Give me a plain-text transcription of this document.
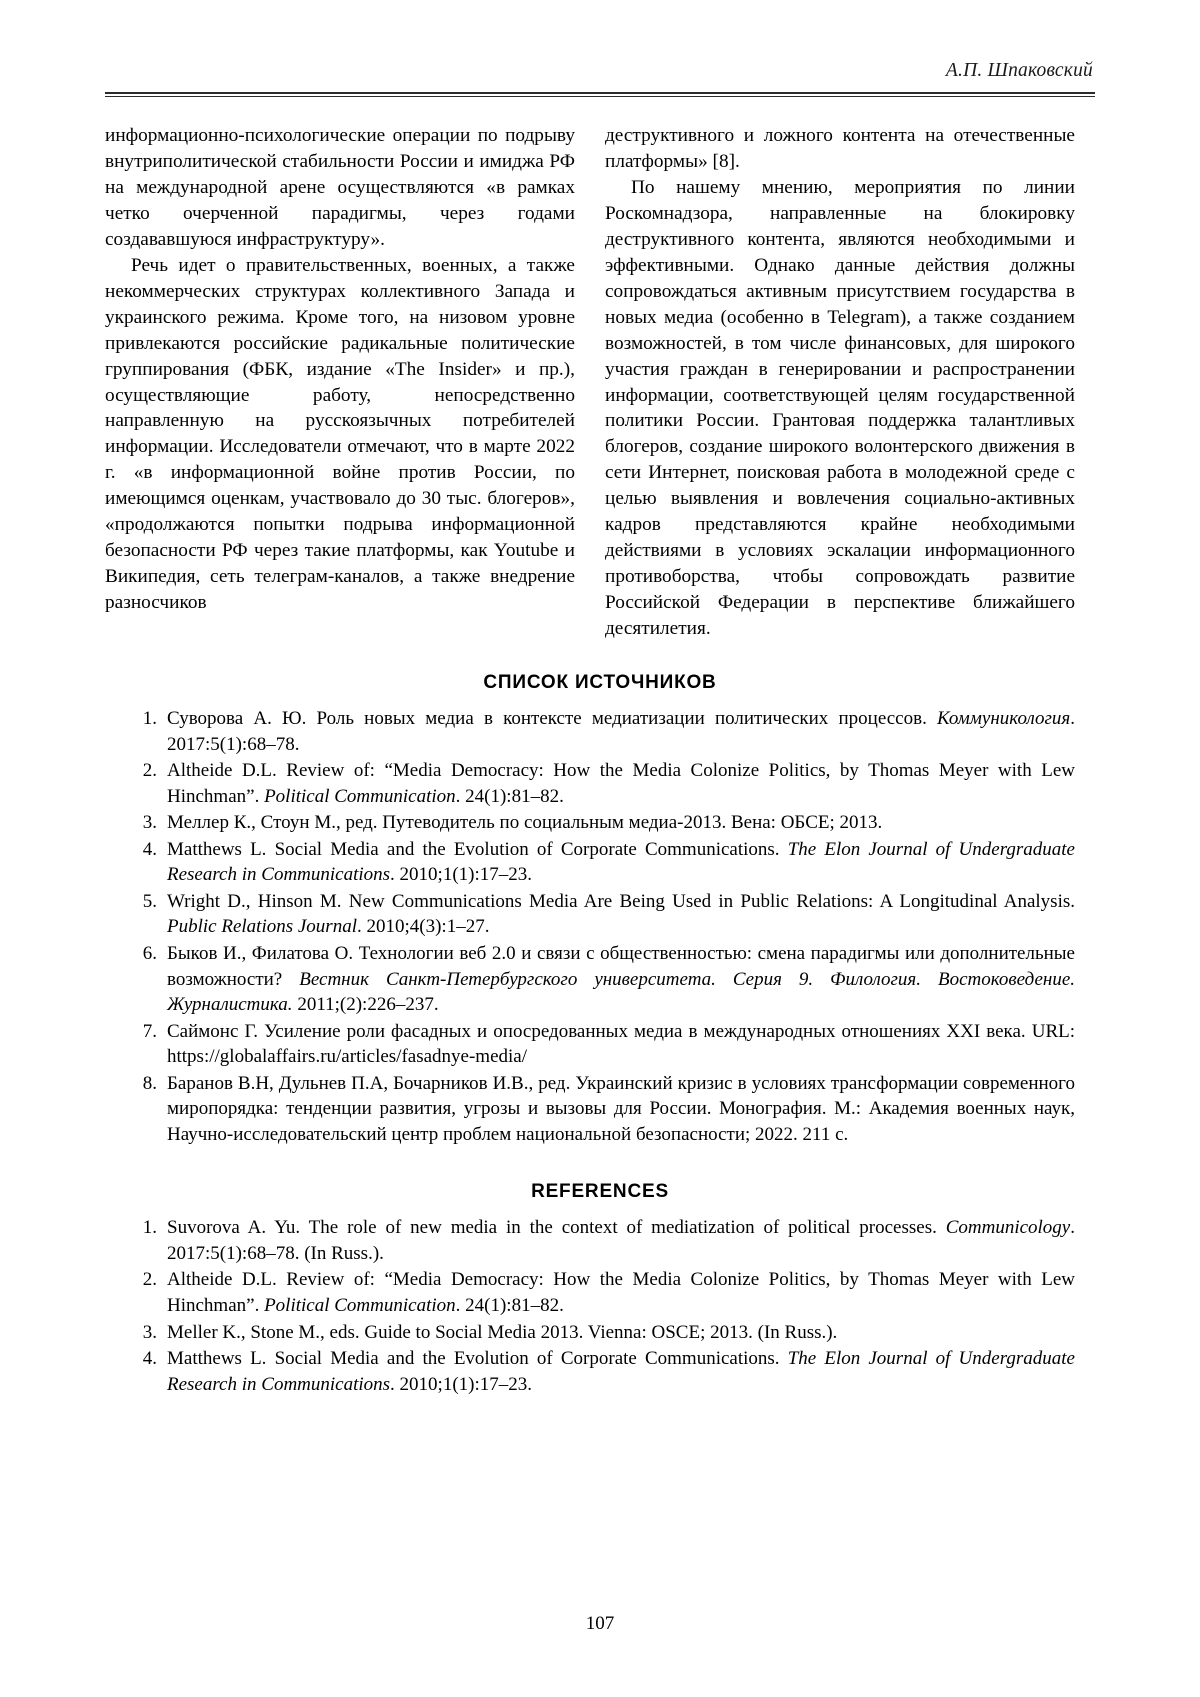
А.П. Шпаковский

информационно-психологические операции по подрыву внутриполитической стабильности России и имиджа РФ на международной арене осуществляются «в рамках четко очерченной парадигмы, через годами создававшуюся инфраструктуру».

Речь идет о правительственных, военных, а также некоммерческих структурах коллективного Запада и украинского режима. Кроме того, на низовом уровне привлекаются российские радикальные политические группирования (ФБК, издание «The Insider» и пр.), осуществляющие работу, непосредственно направленную на русскоязычных потребителей информации. Исследователи отмечают, что в марте 2022 г. «в информационной войне против России, по имеющимся оценкам, участвовало до 30 тыс. блогеров», «продолжаются попытки подрыва информационной безопасности РФ через такие платформы, как Youtube и Википедия, сеть телеграм-каналов, а также внедрение разносчиков

деструктивного и ложного контента на отечественные платформы» [8].

По нашему мнению, мероприятия по линии Роскомнадзора, направленные на блокировку деструктивного контента, являются необходимыми и эффективными. Однако данные действия должны сопровождаться активным присутствием государства в новых медиа (особенно в Telegram), а также созданием возможностей, в том числе финансовых, для широкого участия граждан в генерировании и распространении информации, соответствующей целям государственной политики России. Грантовая поддержка талантливых блогеров, создание широкого волонтерского движения в сети Интернет, поисковая работа в молодежной среде с целью выявления и вовлечения социально-активных кадров представляются крайне необходимыми действиями в условиях эскалации информационного противоборства, чтобы сопровождать развитие Российской Федерации в перспективе ближайшего десятилетия.

СПИСОК ИСТОЧНИКОВ
1. Суворова А. Ю. Роль новых медиа в контексте медиатизации политических процессов. Коммуникология. 2017:5(1):68–78.
2. Altheide D.L. Review of: “Media Democracy: How the Media Colonize Politics, by Thomas Meyer with Lew Hinchman”. Political Communication. 24(1):81–82.
3. Меллер К., Стоун М., ред. Путеводитель по социальным медиа-2013. Вена: ОБСЕ; 2013.
4. Matthews L. Social Media and the Evolution of Corporate Communications. The Elon Journal of Undergraduate Research in Communications. 2010;1(1):17–23.
5. Wright D., Hinson M. New Communications Media Are Being Used in Public Relations: A Longitudinal Analysis. Public Relations Journal. 2010;4(3):1–27.
6. Быков И., Филатова О. Технологии веб 2.0 и связи с общественностью: смена парадигмы или дополнительные возможности? Вестник Санкт-Петербургского университета. Серия 9. Филология. Востоковедение. Журналистика. 2011;(2):226–237.
7. Саймонс Г. Усиление роли фасадных и опосредованных медиа в международных отношениях XXI века. URL: https://globalaffairs.ru/articles/fasadnye-media/
8. Баранов В.Н, Дульнев П.А, Бочарников И.В., ред. Украинский кризис в условиях трансформации современного миропорядка: тенденции развития, угрозы и вызовы для России. Монография. М.: Академия военных наук, Научно-исследовательский центр проблем национальной безопасности; 2022. 211 с.
REFERENCES
1. Suvorova A. Yu. The role of new media in the context of mediatization of political processes. Communicology. 2017:5(1):68–78. (In Russ.).
2. Altheide D.L. Review of: “Media Democracy: How the Media Colonize Politics, by Thomas Meyer with Lew Hinchman”. Political Communication. 24(1):81–82.
3. Meller K., Stone M., eds. Guide to Social Media 2013. Vienna: OSCE; 2013. (In Russ.).
4. Matthews L. Social Media and the Evolution of Corporate Communications. The Elon Journal of Undergraduate Research in Communications. 2010;1(1):17–23.
107
